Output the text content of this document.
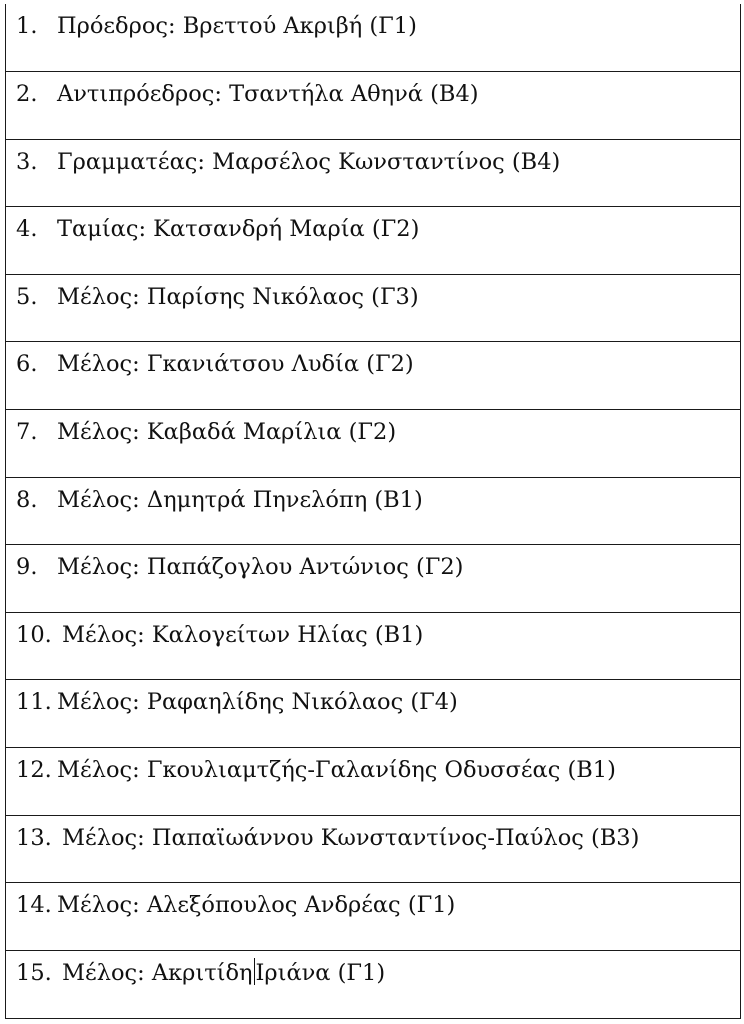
1. Πρόεδρος: Βρεττού Ακριβή (Γ1)

2. Αντιπρόεδρος: Τσαντήλα Αθηνά (Β4)

3. Γραμματέας: Μαρσέλος Κωνσταντίνος (Β4)

4. Ταμίας: Κατσανδρή Μαρία (Γ2)

5. Μέλος: Παρίσης Νικόλαος (Γ3)

6. Μέλος: Γκανιάτσου Λυδία (Γ2)

7. Μέλος: Καβαδά Μαρίλια (Γ2)

8. Μέλος: Δημητρά Πηνελόπη (Β1)

9. Μέλος: Παπάζογλου Αντώνιος (Γ2)

10. Μέλος: Καλογείτων Ηλίας (Β1)

11. Μέλος: Ραφαηλίδης Νικόλαος (Γ4)

12. Μέλος: Γκουλιαμτζής-Γαλανίδης Οδυσσέας (Β1)

13. Μέλος: Παπαϊωάννου Κωνσταντίνος-Παύλος (Β3)

14. Μέλος: Αλεξόπουλος Ανδρέας (Γ1)

15. Μέλος: Ακριτίδη Ιριάνα (Γ1)
